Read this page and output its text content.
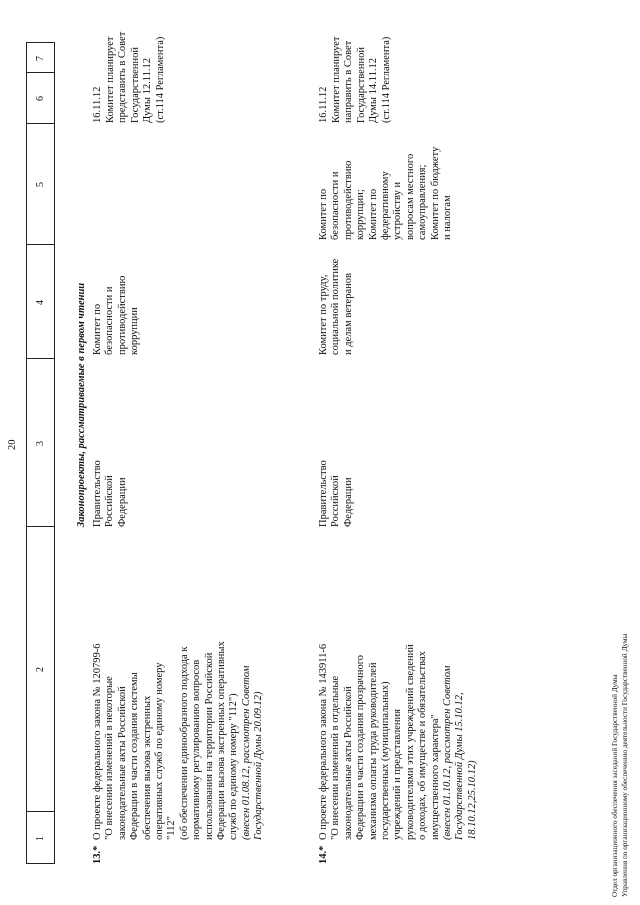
20
1
2
3
4
5
6
7
Законопроекты, рассматриваемые в первом чтении
13.*
О проекте федерального закона № 120799-6
"О внесении изменений в некоторые
законодательные акты Российской
Федерации в части создания системы
обеспечения вызова экстренных
оперативных служб по единому номеру
"112"
(об обеспечении единообразного подхода к
нормативному регулированию вопросов
использования на территории Российской
Федерации вызова экстренных оперативных
служб по единому номеру "112")
(внесен 01.08.12, рассмотрен Советом
Государственной Думы 20.09.12)
Правительство
Российской
Федерации
Комитет по
безопасности и
противодействию
коррупции
16.11.12 Комитет планирует
представить в Совет
Государственной
Думы 12.11.12
(ст.114 Регламента)
14.*
О проекте федерального закона № 143911-6
"О внесении изменений в отдельные
законодательные акты Российской
Федерации в части создания прозрачного
механизма оплаты труда руководителей
государственных (муниципальных)
учреждений и представления
руководителями этих учреждений сведений
о доходах, об имуществе и обязательствах
имущественного характера"
(внесен 01.10.12, рассмотрен Советом
Государственной Думы 15.10.12,
18.10.12,25.10.12)
Правительство
Российской
Федерации
Комитет по труду,
социальной политике
и делам ветеранов
Комитет по
безопасности и
противодействию
коррупции;
Комитет по
федеративному
устройству и
вопросам местного
самоуправления;
Комитет по бюджету
и налогам
16.11.12 Комитет планирует
направить в Совет
Государственной
Думы 14.11.12
(ст.114 Регламента)
Отдел организационного обеспечения заседаний Государственной Думы Управления по организационному обеспечению деятельности Государственной Думы
